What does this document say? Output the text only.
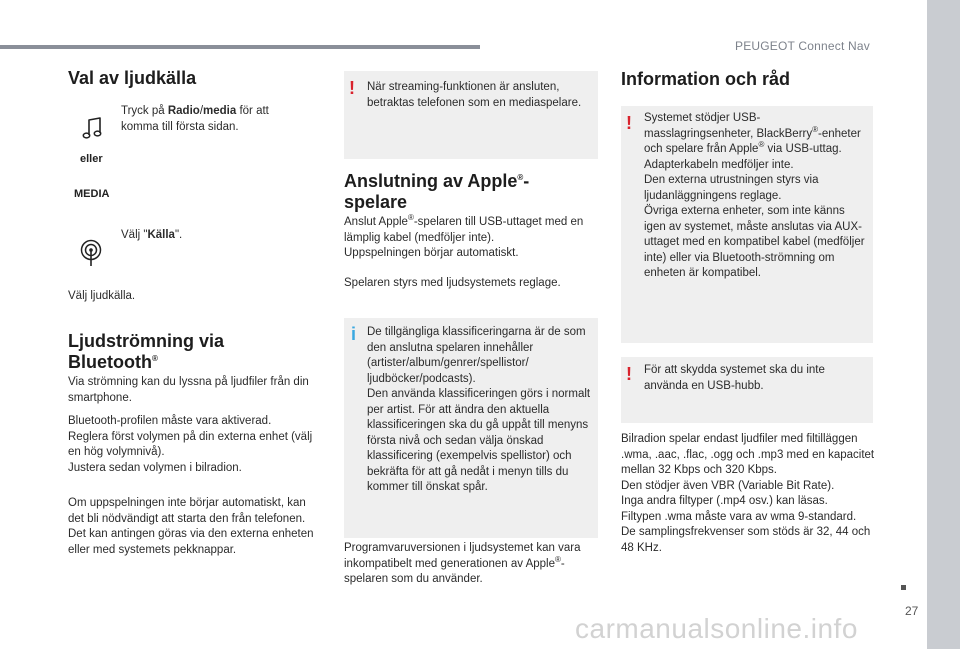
PEUGEOT Connect Nav
27
carmanualsonline.info
Val av ljudkälla

Tryck på Radio/media för att komma till första sidan.

eller
MEDIA

Välj "Källa".

Välj ljudkälla.

Ljudströmning via
Bluetooth®

Via strömning kan du lyssna på ljudfiler från din smartphone.

Bluetooth-profilen måste vara aktiverad.
Reglera först volymen på din externa enhet (välj en hög volymnivå).
Justera sedan volymen i bilradion.

Om uppspelningen inte börjar automatiskt, kan det bli nödvändigt att starta den från telefonen. Det kan antingen göras via den externa enheten eller med systemets pekknappar.

! När streaming-funktionen är ansluten, betraktas telefonen som en mediaspelare.

Anslutning av Apple®-
spelare
Anslut Apple®-spelaren till USB-uttaget med en lämplig kabel (medföljer inte).
Uppspelningen börjar automatiskt.

Spelaren styrs med ljudsystemets reglage.

i De tillgängliga klassificeringarna är de som den anslutna spelaren innehåller (artister/album/genrer/spellistor/ ljudböcker/podcasts).
Den använda klassificeringen görs i normalt per artist. För att ändra den aktuella klassificeringen ska du gå uppåt till menyns första nivå och sedan välja önskad klassificering (exempelvis spellistor) och bekräfta för att gå nedåt i menyn tills du kommer till önskat spår.

Programvaruversionen i ljudsystemet kan vara inkompatibelt med generationen av Apple®-spelaren som du använder.

Information och råd
! Systemet stödjer USB-masslagringsenheter, BlackBerry®-enheter och spelare från Apple® via USB-uttag. Adapterkabeln medföljer inte.
Den externa utrustningen styrs via ljudanläggningens reglage.
Övriga externa enheter, som inte känns igen av systemet, måste anslutas via AUX-uttaget med en kompatibel kabel (medföljer inte) eller via Bluetooth-strömning om enheten är kompatibel.
! För att skydda systemet ska du inte använda en USB-hubb.

Bilradion spelar endast ljudfiler med filtilläggen .wma, .aac, .flac, .ogg och .mp3 med en kapacitet mellan 32 Kbps och 320 Kbps.
Den stödjer även VBR (Variable Bit Rate).
Inga andra filtyper (.mp4 osv.) kan läsas.
Filtypen .wma måste vara av wma 9-standard.
De samplingsfrekvenser som stöds är 32, 44 och 48 KHz.
